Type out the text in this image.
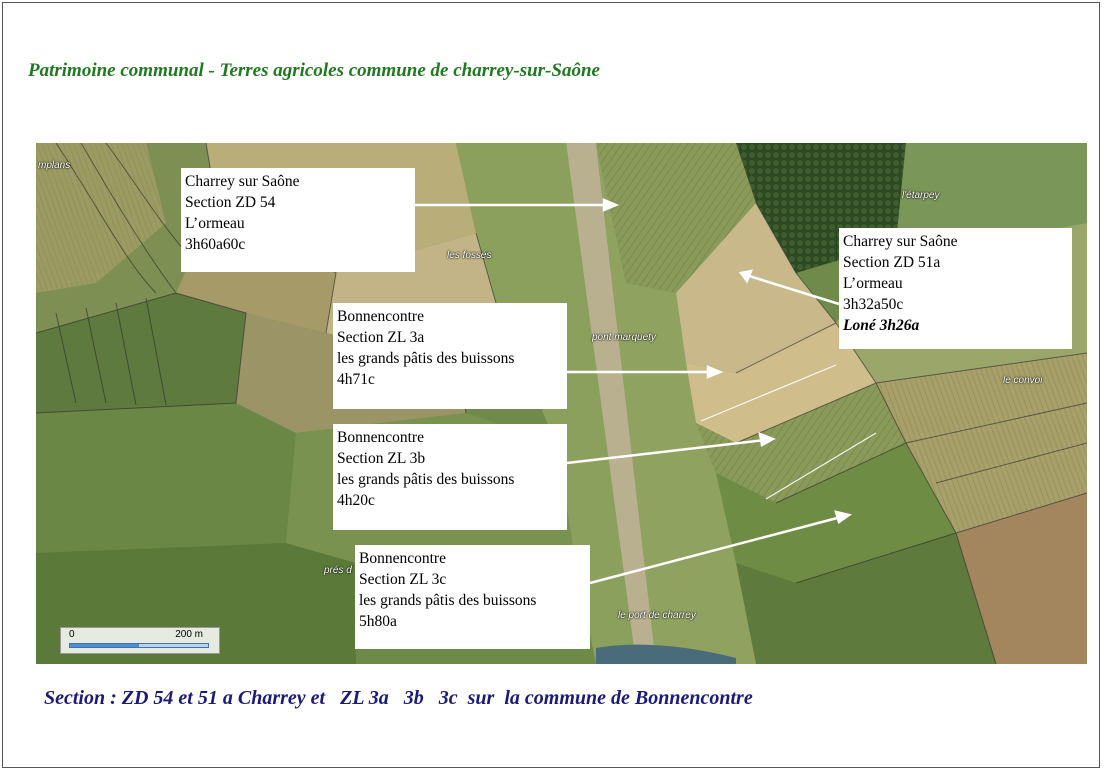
Patrimoine communal - Terres agricoles commune de charrey-sur-Saône
mplans
les fossés
pont marquety
l'étarpey
le convoi
prés d
le port de charrey
Charrey sur Saône
Section ZD 54
L’ormeau
3h60a60c
Bonnencontre
Section ZL 3a
les grands pâtis des buissons
4h71c
Bonnencontre
Section ZL 3b
les grands pâtis des buissons
4h20c
Bonnencontre
Section ZL 3c
les grands pâtis des buissons
5h80a
Charrey sur Saône
Section ZD 51a
L’ormeau
3h32a50c
Loné 3h26a
0	200 m
Section : ZD 54 et 51 a Charrey et   ZL 3a   3b   3c  sur  la commune de Bonnencontre
